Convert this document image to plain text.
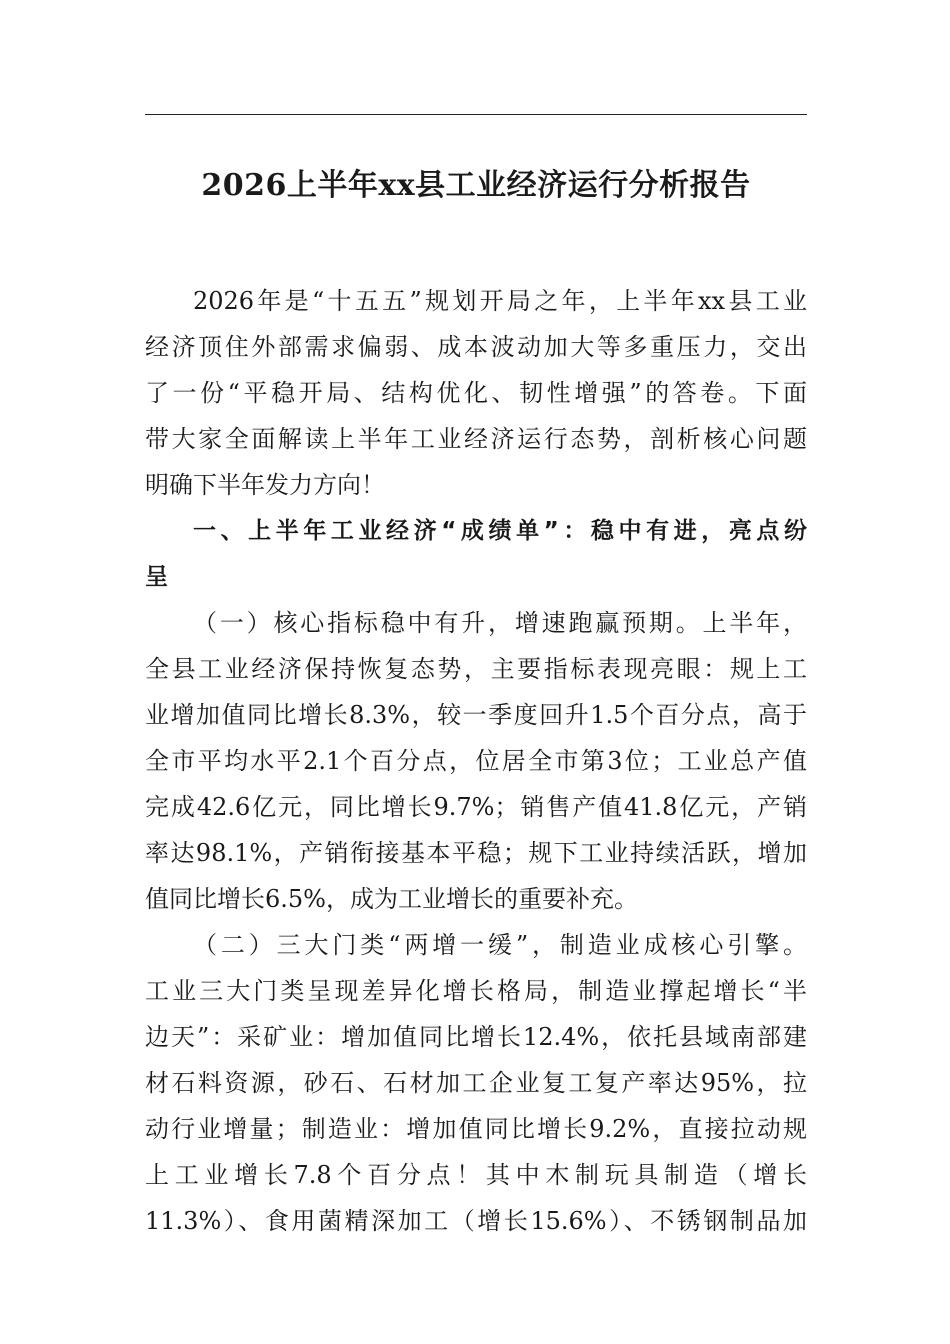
2026上半年xx县工业经济运行分析报告
2026年是“十五五”规划开局之年，上半年xx县工业
经济顶住外部需求偏弱、成本波动加大等多重压力，交出
了一份“平稳开局、结构优化、韧性增强”的答卷。下面
带大家全面解读上半年工业经济运行态势，剖析核心问题
明确下半年发力方向！
一、上半年工业经济“成绩单”：稳中有进，亮点纷
呈
（一）核心指标稳中有升，增速跑赢预期。上半年，
全县工业经济保持恢复态势，主要指标表现亮眼：规上工
业增加值同比增长8.3%，较一季度回升1.5个百分点，高于
全市平均水平2.1个百分点，位居全市第3位；工业总产值
完成42.6亿元，同比增长9.7%；销售产值41.8亿元，产销
率达98.1%，产销衔接基本平稳；规下工业持续活跃，增加
值同比增长6.5%，成为工业增长的重要补充。
（二）三大门类“两增一缓”，制造业成核心引擎。
工业三大门类呈现差异化增长格局，制造业撑起增长“半
边天”：采矿业：增加值同比增长12.4%，依托县域南部建
材石料资源，砂石、石材加工企业复工复产率达95%，拉
动行业增量；制造业：增加值同比增长9.2%，直接拉动规
上工业增长7.8个百分点！其中木制玩具制造（增长
11.3%）、食用菌精深加工（增长15.6%）、不锈钢制品加
